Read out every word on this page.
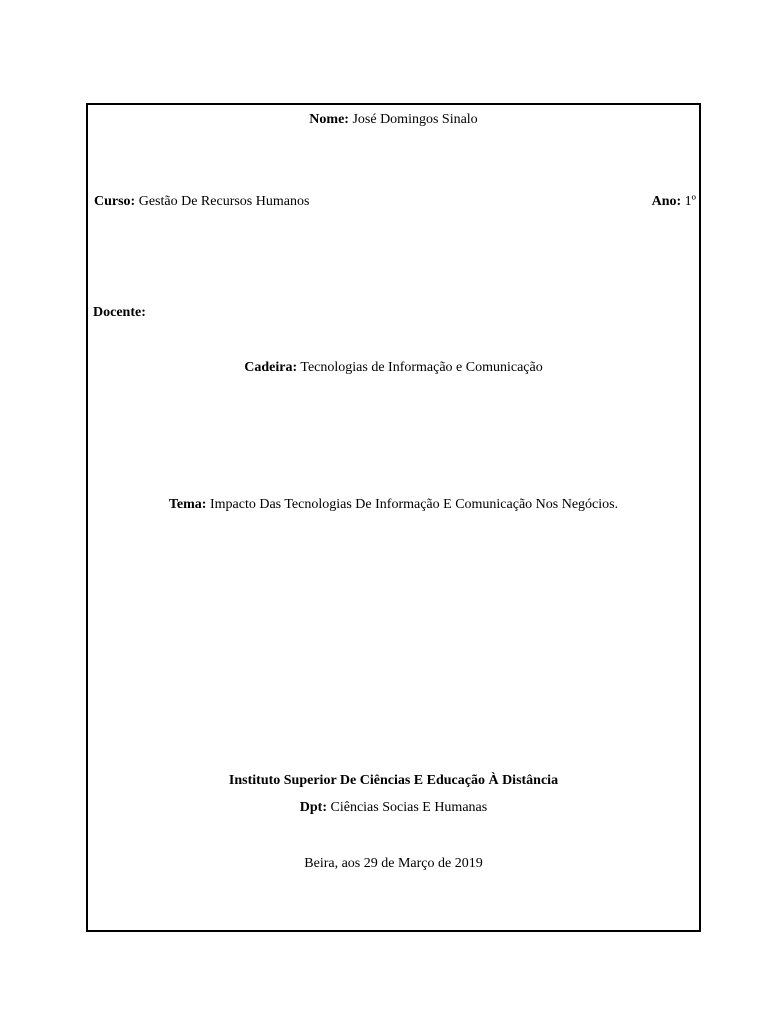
Nome: José Domingos Sinalo
Curso: Gestão De Recursos Humanos	Ano: 1º
Docente:
Cadeira: Tecnologias de Informação e Comunicação
Tema: Impacto Das Tecnologias De Informação E Comunicação Nos Negócios.
Instituto Superior De Ciências E Educação À Distância
Dpt: Ciências Socias E Humanas
Beira, aos 29 de Março de 2019
